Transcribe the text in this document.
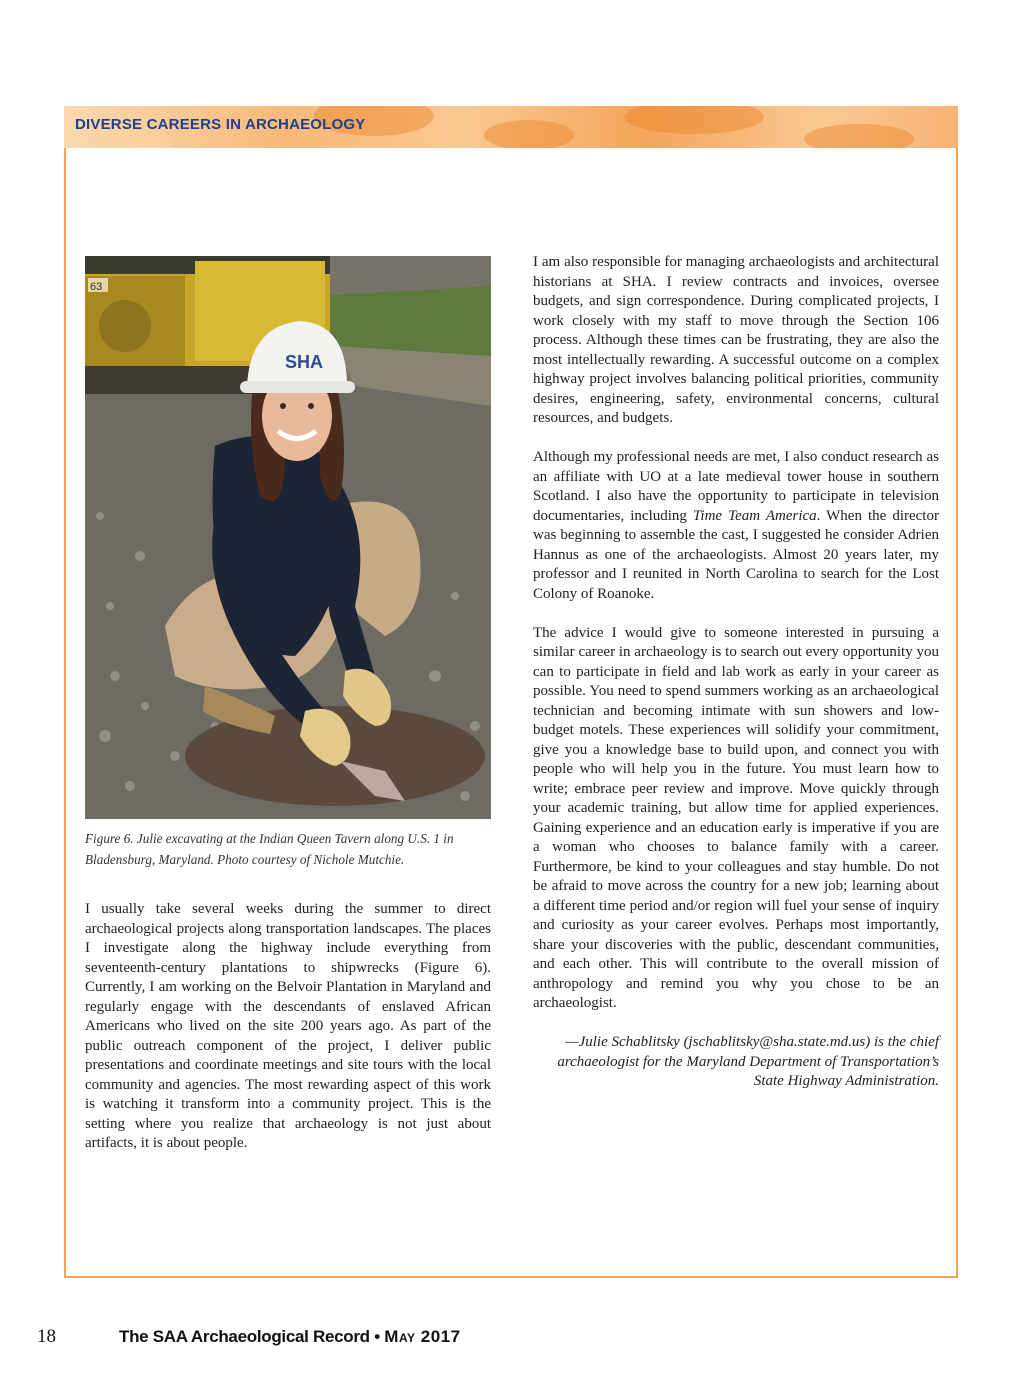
DIVERSE CAREERS IN ARCHAEOLOGY
63
SHA
Figure 6. Julie excavating at the Indian Queen Tavern along U.S. 1 in Bladensburg, Maryland. Photo courtesy of Nichole Mutchie.

I usually take several weeks during the summer to direct archaeological projects along transportation landscapes. The places I investigate along the highway include everything from seventeenth-century plantations to shipwrecks (Figure 6). Currently, I am working on the Belvoir Plantation in Maryland and regularly engage with the descendants of enslaved African Americans who lived on the site 200 years ago. As part of the public outreach component of the project, I deliver public presentations and coordinate meetings and site tours with the local community and agencies. The most rewarding aspect of this work is watching it transform into a community project. This is the setting where you realize that archaeology is not just about artifacts, it is about people.

I am also responsible for managing archaeologists and architectural historians at SHA. I review contracts and invoices, oversee budgets, and sign correspondence. During complicated projects, I work closely with my staff to move through the Section 106 process. Although these times can be frustrating, they are also the most intellectually rewarding. A successful outcome on a complex highway project involves balancing political priorities, community desires, engineering, safety, environmental concerns, cultural resources, and budgets.

Although my professional needs are met, I also conduct research as an affiliate with UO at a late medieval tower house in southern Scotland. I also have the opportunity to participate in television documentaries, including Time Team America. When the director was beginning to assemble the cast, I suggested he consider Adrien Hannus as one of the archaeologists. Almost 20 years later, my professor and I reunited in North Carolina to search for the Lost Colony of Roanoke.

The advice I would give to someone interested in pursuing a similar career in archaeology is to search out every opportunity you can to participate in field and lab work as early in your career as possible. You need to spend summers working as an archaeological technician and becoming intimate with sun showers and low-budget motels. These experiences will solidify your commitment, give you a knowledge base to build upon, and connect you with people who will help you in the future. You must learn how to write; embrace peer review and improve. Move quickly through your academic training, but allow time for applied experiences. Gaining experience and an education early is imperative if you are a woman who chooses to balance family with a career. Furthermore, be kind to your colleagues and stay humble. Do not be afraid to move across the country for a new job; learning about a different time period and/or region will fuel your sense of inquiry and curiosity as your career evolves. Perhaps most importantly, share your discoveries with the public, descendant communities, and each other. This will contribute to the overall mission of anthropology and remind you why you chose to be an archaeologist.

—Julie Schablitsky (jschablitsky@sha.state.md.us) is the chief archaeologist for the Maryland Department of Transportation’s State Highway Administration.

18	The SAA Archaeological Record • May 2017
